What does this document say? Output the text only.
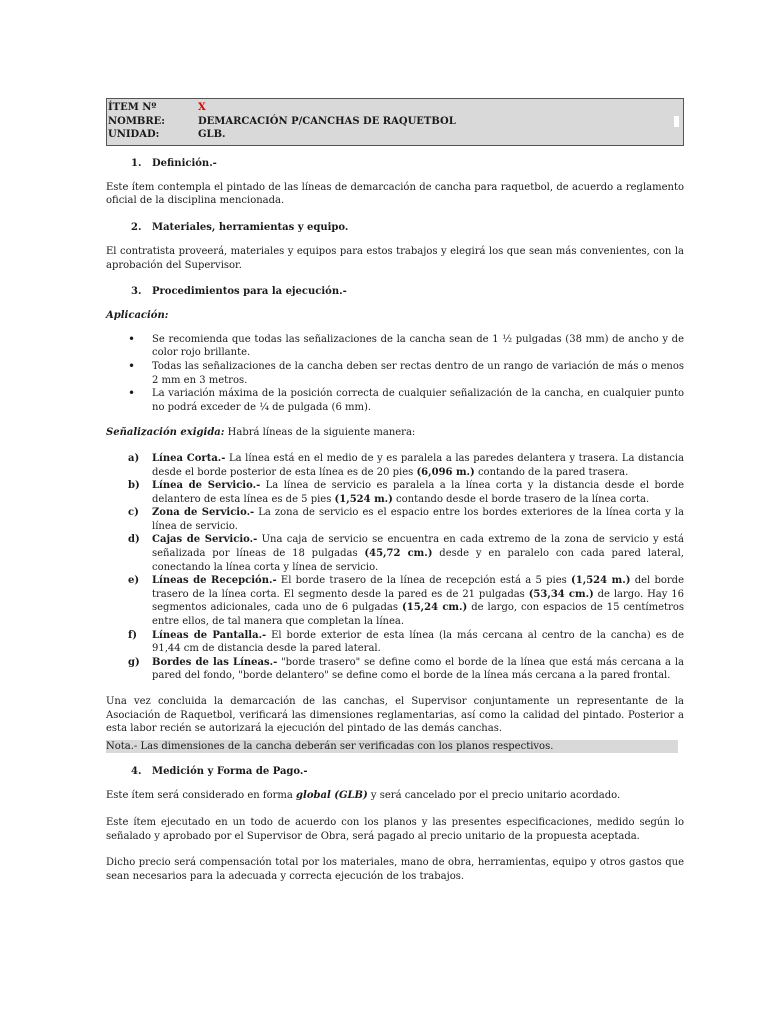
ÍTEM Nº	X
NOMBRE:	DEMARCACIÓN P/CANCHAS DE RAQUETBOL
UNIDAD:	GLB.
1. Definición.-

Este ítem contempla el pintado de las líneas de demarcación de cancha para raquetbol, de acuerdo a reglamento oficial de la disciplina mencionada.

2. Materiales, herramientas y equipo.

El contratista proveerá, materiales y equipos para estos trabajos y elegirá los que sean más convenientes, con la aprobación del Supervisor.

3. Procedimientos para la ejecución.-

Aplicación:

• Se recomienda que todas las señalizaciones de la cancha sean de 1 ½ pulgadas (38 mm) de ancho y de color rojo brillante.
• Todas las señalizaciones de la cancha deben ser rectas dentro de un rango de variación de más o menos 2 mm en 3 metros.
• La variación máxima de la posición correcta de cualquier señalización de la cancha, en cualquier punto no podrá exceder de ¼ de pulgada (6 mm).

Señalización exigida: Habrá líneas de la siguiente manera:

a) Línea Corta.- La línea está en el medio de y es paralela a las paredes delantera y trasera. La distancia desde el borde posterior de esta línea es de 20 pies (6,096 m.) contando de la pared trasera.
b) Línea de Servicio.- La línea de servicio es paralela a la línea corta y la distancia desde el borde delantero de esta línea es de 5 pies (1,524 m.) contando desde el borde trasero de la línea corta.
c) Zona de Servicio.- La zona de servicio es el espacio entre los bordes exteriores de la línea corta y la línea de servicio.
d) Cajas de Servicio.- Una caja de servicio se encuentra en cada extremo de la zona de servicio y está señalizada por líneas de 18 pulgadas (45,72 cm.) desde y en paralelo con cada pared lateral, conectando la línea corta y línea de servicio.
e) Líneas de Recepción.- El borde trasero de la línea de recepción está a 5 pies (1,524 m.) del borde trasero de la línea corta. El segmento desde la pared es de 21 pulgadas (53,34 cm.) de largo. Hay 16 segmentos adicionales, cada uno de 6 pulgadas (15,24 cm.) de largo, con espacios de 15 centímetros entre ellos, de tal manera que completan la línea.
f) Líneas de Pantalla.- El borde exterior de esta línea (la más cercana al centro de la cancha) es de 91,44 cm de distancia desde la pared lateral.
g) Bordes de las Líneas.- "borde trasero" se define como el borde de la línea que está más cercana a la pared del fondo, "borde delantero" se define como el borde de la línea más cercana a la pared frontal.

Una vez concluida la demarcación de las canchas, el Supervisor conjuntamente un representante de la Asociación de Raquetbol, verificará las dimensiones reglamentarias, así como la calidad del pintado. Posterior a esta labor recién se autorizará la ejecución del pintado de las demás canchas.

Nota.- Las dimensiones de la cancha deberán ser verificadas con los planos respectivos.

4. Medición y Forma de Pago.-

Este ítem será considerado en forma global (GLB) y será cancelado por el precio unitario acordado.

Este ítem ejecutado en un todo de acuerdo con los planos y las presentes especificaciones, medido según lo señalado y aprobado por el Supervisor de Obra, será pagado al precio unitario de la propuesta aceptada.

Dicho precio será compensación total por los materiales, mano de obra, herramientas, equipo y otros gastos que sean necesarios para la adecuada y correcta ejecución de los trabajos.
